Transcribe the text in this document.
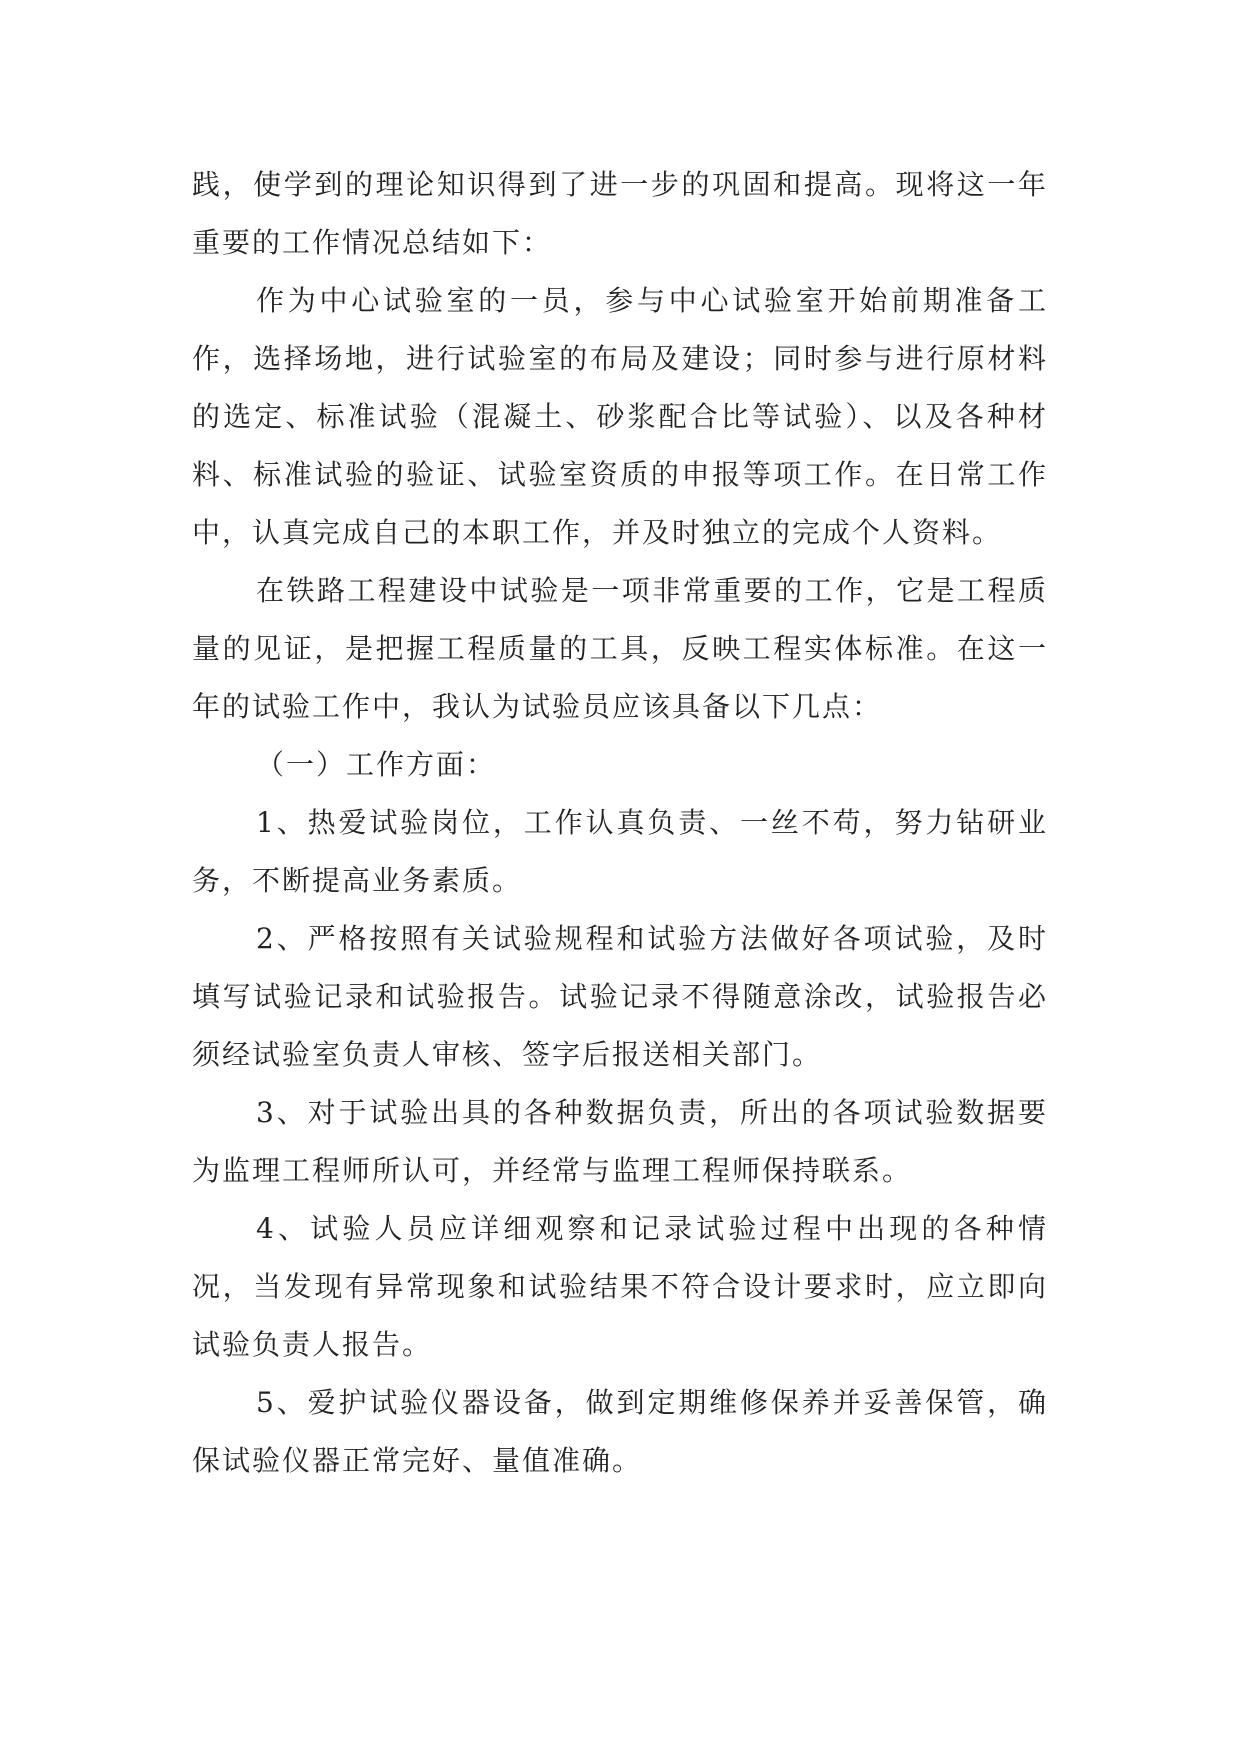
践，使学到的理论知识得到了进一步的巩固和提高。现将这一年重要的工作情况总结如下：

作为中心试验室的一员，参与中心试验室开始前期准备工作，选择场地，进行试验室的布局及建设；同时参与进行原材料的选定、标准试验（混凝土、砂浆配合比等试验）、以及各种材料、标准试验的验证、试验室资质的申报等项工作。在日常工作中，认真完成自己的本职工作，并及时独立的完成个人资料。

在铁路工程建设中试验是一项非常重要的工作，它是工程质量的见证，是把握工程质量的工具，反映工程实体标准。在这一年的试验工作中，我认为试验员应该具备以下几点：

（一）工作方面：

1、热爱试验岗位，工作认真负责、一丝不苟，努力钻研业务，不断提高业务素质。

2、严格按照有关试验规程和试验方法做好各项试验，及时填写试验记录和试验报告。试验记录不得随意涂改，试验报告必须经试验室负责人审核、签字后报送相关部门。

3、对于试验出具的各种数据负责，所出的各项试验数据要为监理工程师所认可，并经常与监理工程师保持联系。

4、试验人员应详细观察和记录试验过程中出现的各种情况，当发现有异常现象和试验结果不符合设计要求时，应立即向试验负责人报告。

5、爱护试验仪器设备，做到定期维修保养并妥善保管，确保试验仪器正常完好、量值准确。
